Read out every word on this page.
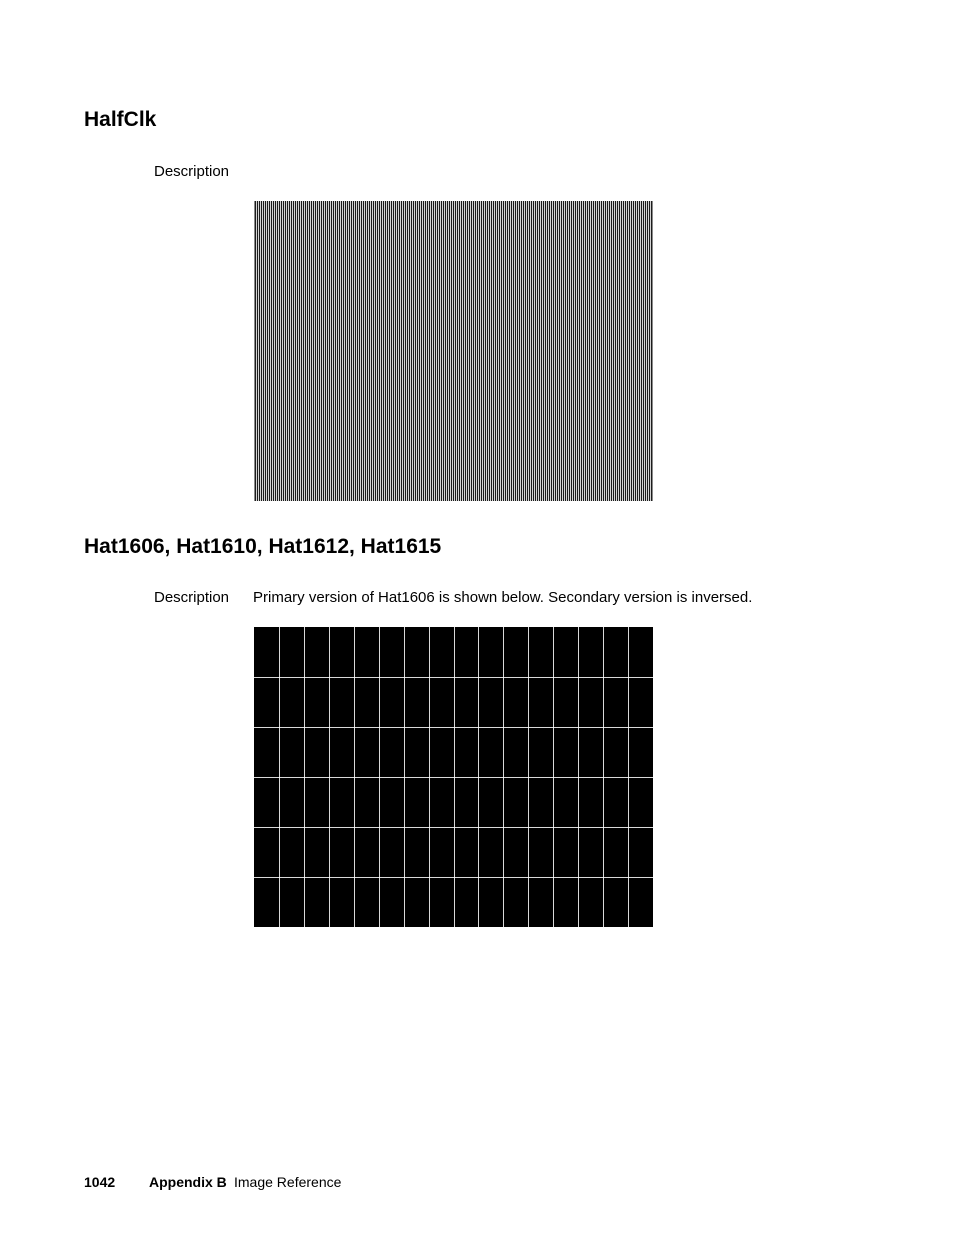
HalfClk
Description
Hat1606, Hat1610, Hat1612, Hat1615
Description Primary version of Hat1606 is shown below. Secondary version is inversed.
1042 Appendix B Image Reference
